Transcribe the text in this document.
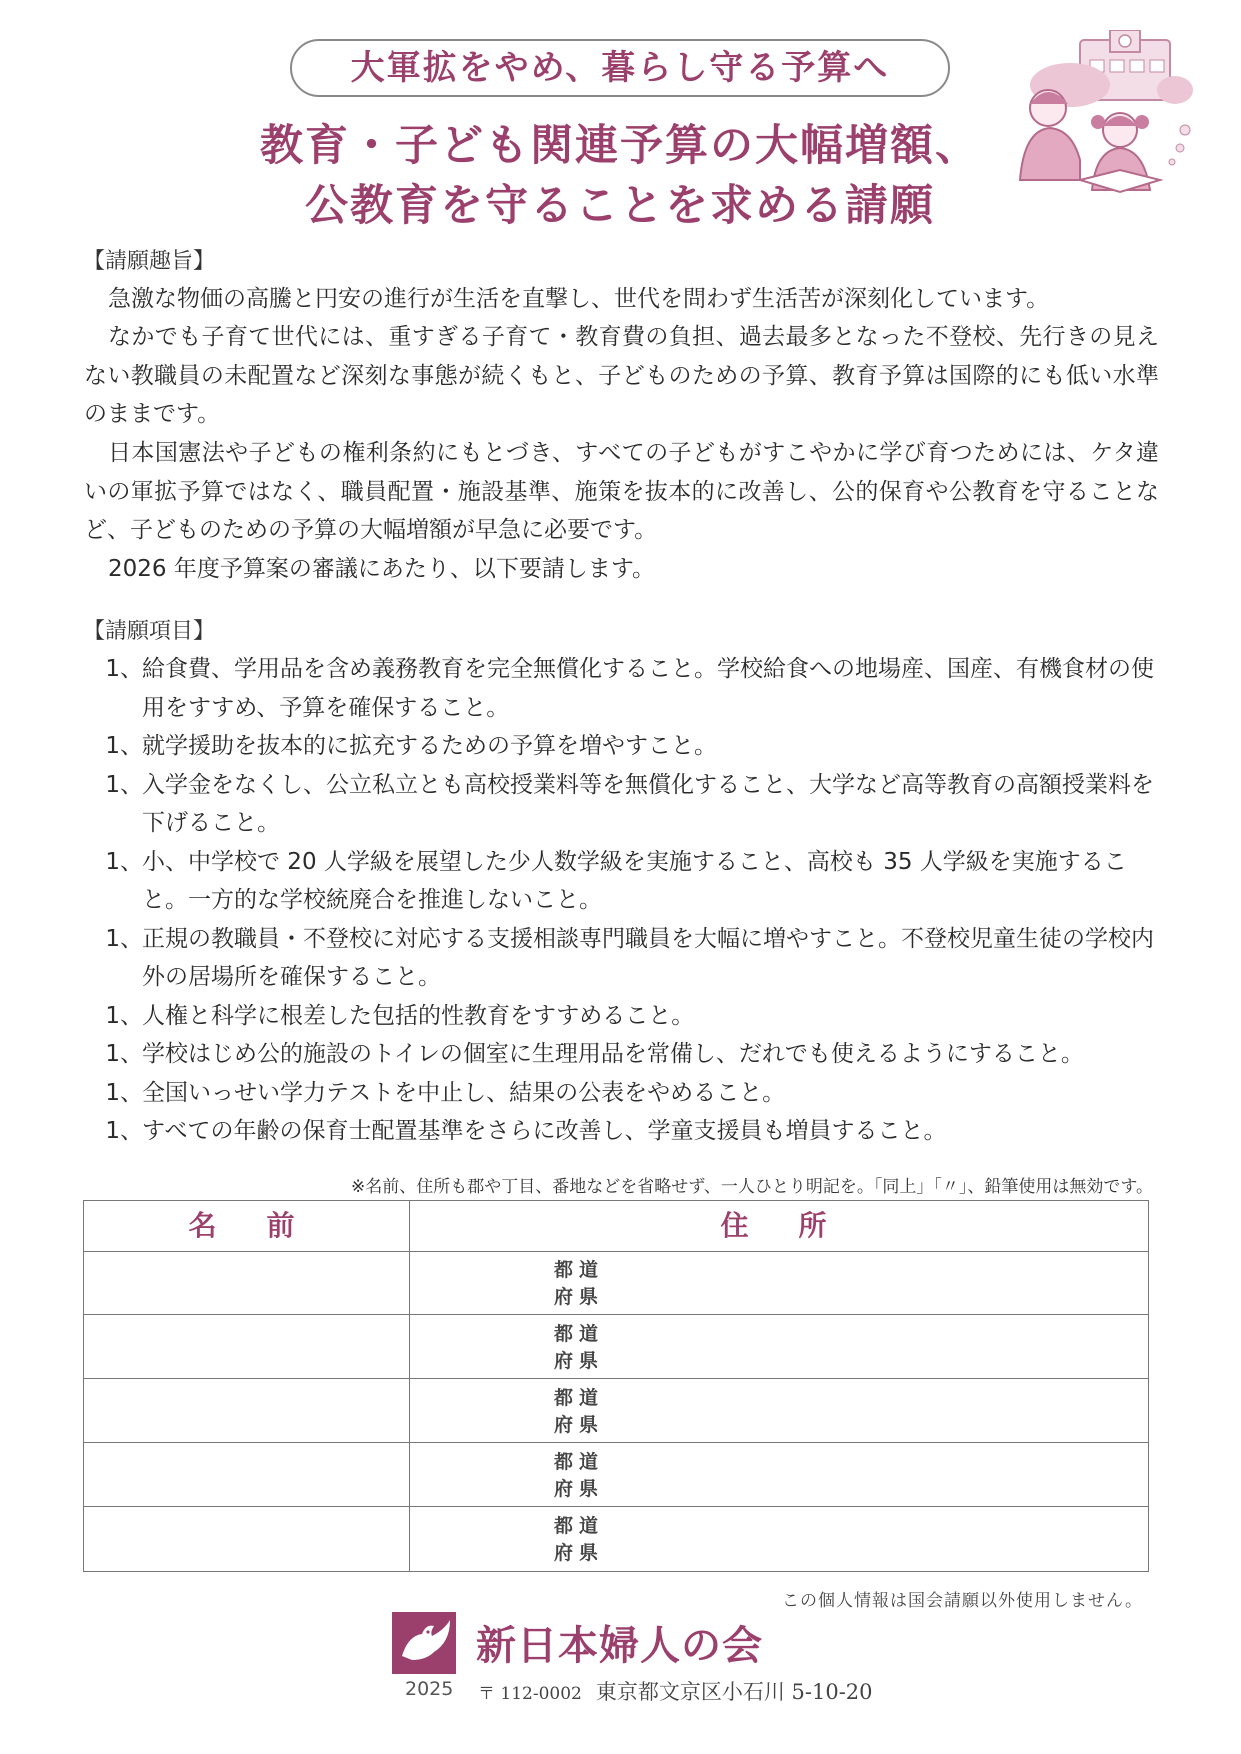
大軍拡をやめ、暮らし守る予算へ
教育・子ども関連予算の大幅増額、
公教育を守ることを求める請願
【請願趣旨】
急激な物価の高騰と円安の進行が生活を直撃し、世代を問わず生活苦が深刻化しています。
なかでも子育て世代には、重すぎる子育て・教育費の負担、過去最多となった不登校、先行きの見えない教職員の未配置など深刻な事態が続くもと、子どものための予算、教育予算は国際的にも低い水準のままです。
日本国憲法や子どもの権利条約にもとづき、すべての子どもがすこやかに学び育つためには、ケタ違いの軍拡予算ではなく、職員配置・施設基準、施策を抜本的に改善し、公的保育や公教育を守ることなど、子どものための予算の大幅増額が早急に必要です。
2026 年度予算案の審議にあたり、以下要請します。
【請願項目】
1 、 給食費、学用品を含め義務教育を完全無償化すること。学校給食への地場産、国産、有機食材の使用をすすめ、予算を確保すること。
1 、 就学援助を抜本的に拡充するための予算を増やすこと。
1 、 入学金をなくし、公立私立とも高校授業料等を無償化すること、大学など高等教育の高額授業料を下げること。
1 、 小、中学校で 20 人学級を展望した少人数学級を実施すること、高校も 35 人学級を実施すること。一方的な学校統廃合を推進しないこと。
1 、 正規の教職員・不登校に対応する支援相談専門職員を大幅に増やすこと。不登校児童生徒の学校内外の居場所を確保すること。
1 、 人権と科学に根差した包括的性教育をすすめること。
1 、 学校はじめ公的施設のトイレの個室に生理用品を常備し、だれでも使えるようにすること。
1 、 全国いっせい学力テストを中止し、結果の公表をやめること。
1 、 すべての年齢の保育士配置基準をさらに改善し、学童支援員も増員すること。
※名前、住所も郡や丁目、番地などを省略せず、一人ひとり明記を。「同上」「〃」、鉛筆使用は無効です。
名前	住所
都道
府県
都道
府県
都道
府県
都道
府県
都道
府県
この個人情報は国会請願以外使用しません。
新日本婦人の会
2025 〒 112-0002 東京都文京区小石川 5-10-20
